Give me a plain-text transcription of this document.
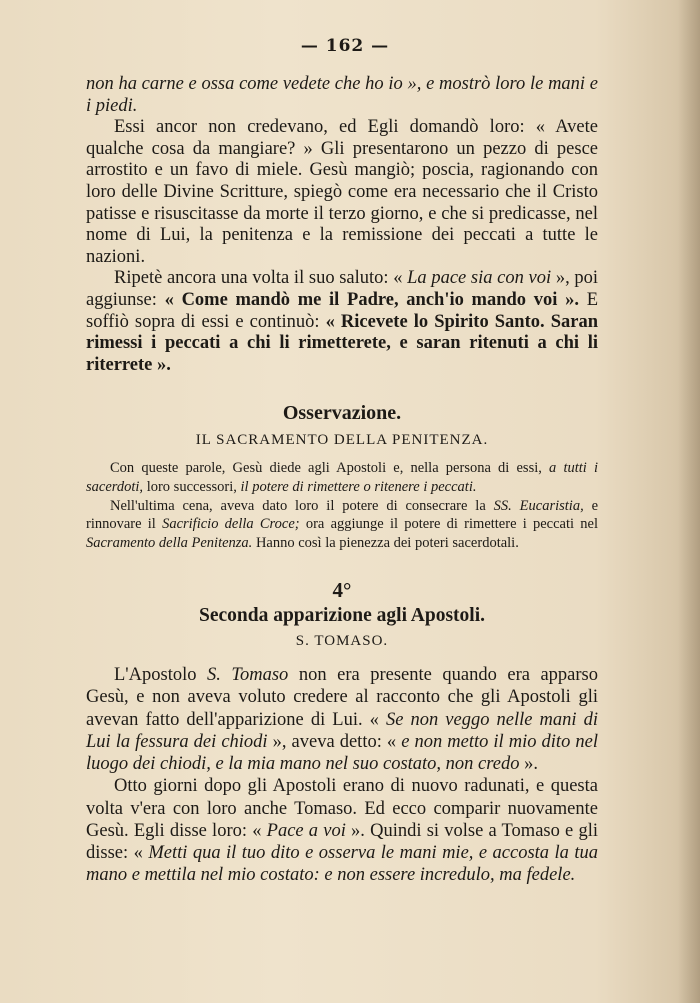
— 162 —

non ha carne e ossa come vedete che ho io », e mostrò loro le mani e i piedi.

Essi ancor non credevano, ed Egli domandò loro: « Avete qualche cosa da mangiare? » Gli presentarono un pezzo di pesce arrostito e un favo di miele. Gesù mangiò; poscia, ragionando con loro delle Divine Scritture, spiegò come era necessario che il Cristo patisse e risuscitasse da morte il terzo giorno, e che si predicasse, nel nome di Lui, la penitenza e la remissione dei peccati a tutte le nazioni.

Ripetè ancora una volta il suo saluto: « La pace sia con voi », poi aggiunse: « Come mandò me il Padre, anch'io mando voi ». E soffiò sopra di essi e continuò: « Ricevete lo Spirito Santo. Saran rimessi i peccati a chi li rimetterete, e saran ritenuti a chi li riterrete ».

Osservazione.
IL SACRAMENTO DELLA PENITENZA.

Con queste parole, Gesù diede agli Apostoli e, nella persona di essi, a tutti i sacerdoti, loro successori, il potere di rimettere o ritenere i peccati.

Nell'ultima cena, aveva dato loro il potere di consecrare la SS. Eucaristia, e rinnovare il Sacrificio della Croce; ora aggiunge il potere di rimettere i peccati nel Sacramento della Penitenza. Hanno così la pienezza dei poteri sacerdotali.

4°
Seconda apparizione agli Apostoli.
S. TOMASO.

L'Apostolo S. Tomaso non era presente quando era apparso Gesù, e non aveva voluto credere al racconto che gli Apostoli gli avevan fatto dell'apparizione di Lui. « Se non veggo nelle mani di Lui la fessura dei chiodi », aveva detto: « e non metto il mio dito nel luogo dei chiodi, e la mia mano nel suo costato, non credo ».

Otto giorni dopo gli Apostoli erano di nuovo radunati, e questa volta v'era con loro anche Tomaso. Ed ecco comparir nuovamente Gesù. Egli disse loro: « Pace a voi ». Quindi si volse a Tomaso e gli disse: « Metti qua il tuo dito e osserva le mani mie, e accosta la tua mano e mettila nel mio costato: e non essere incredulo, ma fedele.
